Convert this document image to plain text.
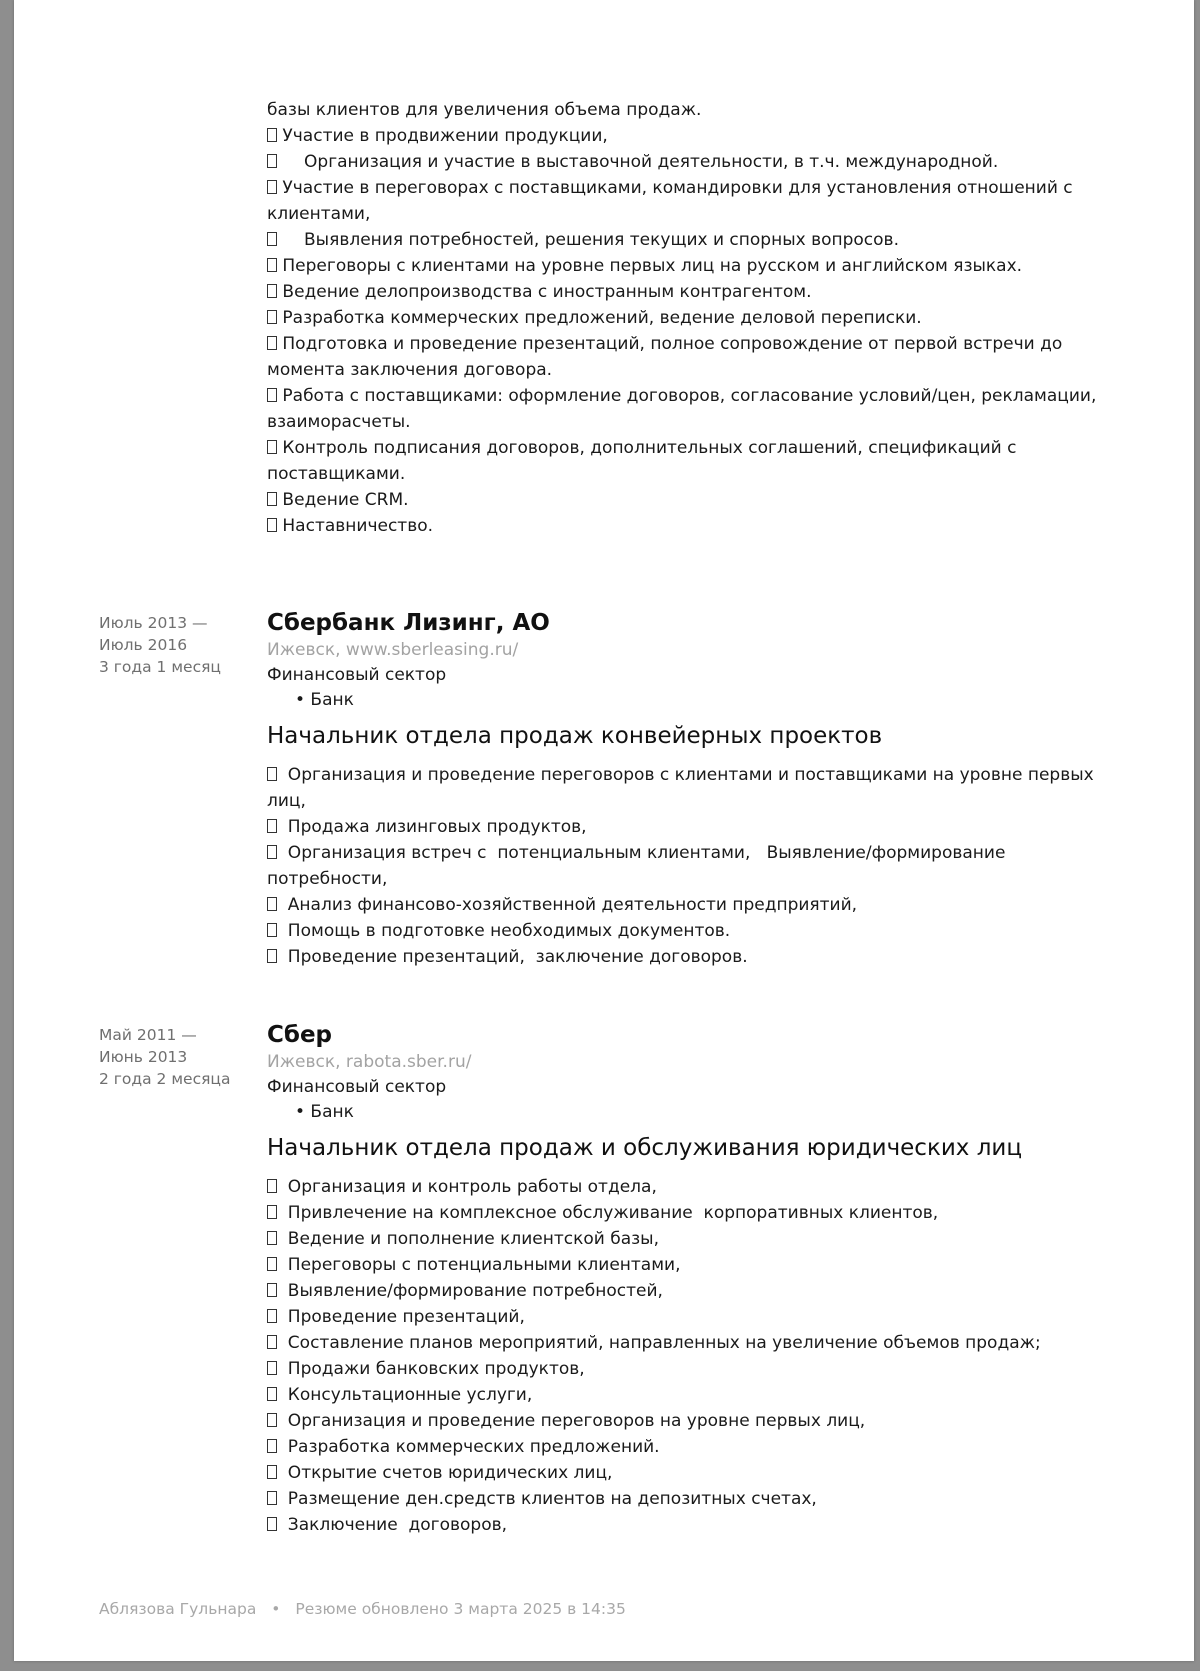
базы клиентов для увеличения объема продаж.

Участие в продвижении продукции,

Организация и участие в выставочной деятельности, в т.ч. международной.

Участие в переговорах с поставщиками, командировки для установления отношений с

клиентами,

Выявления потребностей, решения текущих и спорных вопросов.

Переговоры с клиентами на уровне первых лиц на русском и английском языках.

Ведение делопроизводства с иностранным контрагентом.

Разработка коммерческих предложений, ведение деловой переписки.

Подготовка и проведение презентаций, полное сопровождение от первой встречи до

момента заключения договора.

Работа с поставщиками: оформление договоров, согласование условий/цен, рекламации,

взаиморасчеты.

Контроль подписания договоров, дополнительных соглашений, спецификаций с

поставщиками.

Ведение CRM.

Наставничество.

Июль 2013 —
Июль 2016
3 года 1 месяц

Сбербанк Лизинг, АО

Ижевск, www.sberleasing.ru/

Финансовый сектор

• Банк

Начальник отдела продаж конвейерных проектов

Организация и проведение переговоров с клиентами и поставщиками на уровне первых

лиц,

Продажа лизинговых продуктов,

Организация встреч с  потенциальным клиентами,   Выявление/формирование

потребности,

Анализ финансово-хозяйственной деятельности предприятий,

Помощь в подготовке необходимых документов.

Проведение презентаций,  заключение договоров.

Май 2011 —
Июнь 2013
2 года 2 месяца

Сбер

Ижевск, rabota.sber.ru/

Финансовый сектор

• Банк

Начальник отдела продаж и обслуживания юридических лиц

Организация и контроль работы отдела,

Привлечение на комплексное обслуживание  корпоративных клиентов,

Ведение и пополнение клиентской базы,

Переговоры с потенциальными клиентами,

Выявление/формирование потребностей,

Проведение презентаций,

Составление планов мероприятий, направленных на увеличение объемов продаж;

Продажи банковских продуктов,

Консультационные услуги,

Организация и проведение переговоров на уровне первых лиц,

Разработка коммерческих предложений.

Открытие счетов юридических лиц,

Размещение ден.средств клиентов на депозитных счетах,

Заключение  договоров,

Аблязова Гульнара • Резюме обновлено 3 марта 2025 в 14:35
